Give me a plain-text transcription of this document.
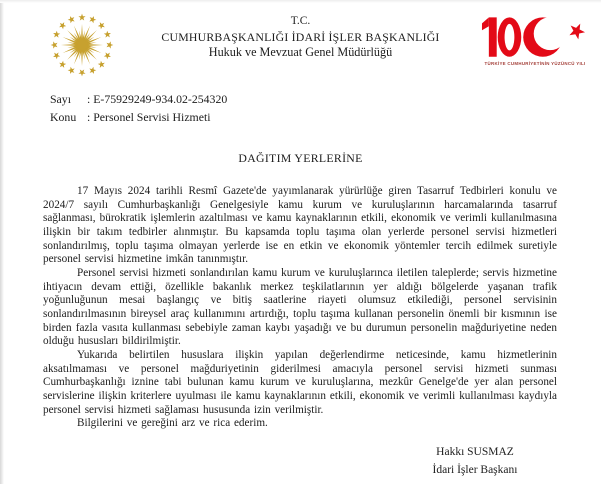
T.C.
CUMHURBAŞKANLIĞI İDARİ İŞLER BAŞKANLIĞI
Hukuk ve Mevzuat Genel Müdürlüğü
TÜRKİYE CUMHURİYETİNİN YÜZÜNCÜ YILI
Sayı	: E-75929249-934.02-254320
Konu : Personel Servisi Hizmeti
DAĞITIM YERLERİNE

17 Mayıs 2024 tarihli Resmî Gazete'de yayımlanarak yürürlüğe giren Tasarruf Tedbirleri konulu ve 2024/7 sayılı Cumhurbaşkanlığı Genelgesiyle kamu kurum ve kuruluşlarının harcamalarında tasarruf sağlanması, bürokratik işlemlerin azaltılması ve kamu kaynaklarının etkili, ekonomik ve verimli kullanılmasına ilişkin bir takım tedbirler alınmıştır. Bu kapsamda toplu taşıma olan yerlerde personel servisi hizmetleri sonlandırılmış, toplu taşıma olmayan yerlerde ise en etkin ve ekonomik yöntemler tercih edilmek suretiyle personel servisi hizmetine imkân tanınmıştır.

Personel servisi hizmeti sonlandırılan kamu kurum ve kuruluşlarınca iletilen taleplerde; servis hizmetine ihtiyacın devam ettiği, özellikle bakanlık merkez teşkilatlarının yer aldığı bölgelerde yaşanan trafik yoğunluğunun mesai başlangıç ve bitiş saatlerine riayeti olumsuz etkilediği, personel servisinin sonlandırılmasının bireysel araç kullanımını artırdığı, toplu taşıma kullanan personelin önemli bir kısmının ise birden fazla vasıta kullanması sebebiyle zaman kaybı yaşadığı ve bu durumun personelin mağduriyetine neden olduğu hususları bildirilmiştir.

Yukarıda belirtilen hususlara ilişkin yapılan değerlendirme neticesinde, kamu hizmetlerinin aksatılmaması ve personel mağduriyetinin giderilmesi amacıyla personel servisi hizmeti sunması Cumhurbaşkanlığı iznine tabi bulunan kamu kurum ve kuruluşlarına, mezkûr Genelge'de yer alan personel servislerine ilişkin kriterlere uyulması ile kamu kaynaklarının etkili, ekonomik ve verimli kullanılması kaydıyla personel servisi hizmeti sağlaması hususunda izin verilmiştir.

Bilgilerini ve gereğini arz ve rica ederim.

Hakkı SUSMAZ
İdari İşler Başkanı
